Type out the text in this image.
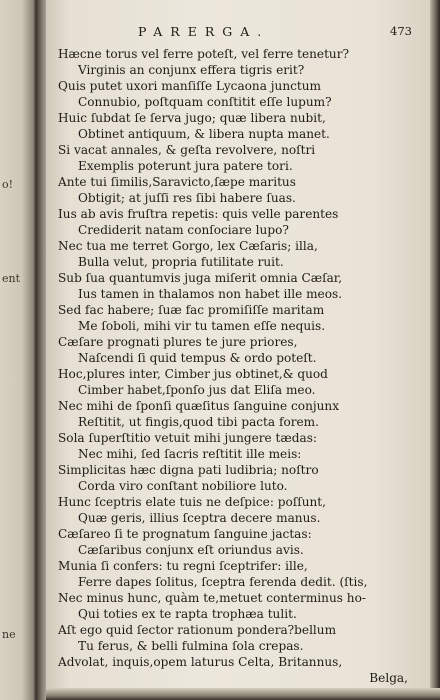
o!
ent
ne
PARERGA.	473
Hæcne torus vel ferre poteſt, vel ferre tenetur?
Virginis an conjunx efferа tigris erit?
Quis putet uxori manſiſſe Lycaona junctum
Connubio, poſtquam conſtitit eſſe lupum?
Huic ſubdat ſe ſerva jugo; quæ libera nubit,
Obtinet antiquum, & libera nupta manet.
Si vacat annales, & geſta revolvere, noſtri
Exemplis poterunt jura patere tori.
Ante tui ſimilis,Saravicto,ſæpe maritus
Obtigit; at juſſi res ſibi habere ſuas.
Ius ab avis fruſtra repetis: quis velle parentes
Crediderit natam conſociare lupo?
Nec tua me terret Gorgo, lex Cæſaris; illa,
Bulla velut, propria futilitate ruit.
Sub ſua quantumvis juga miſerit omnia Cæſar,
Ius tamen in thalamos non habet ille meos.
Sed fac habere; ſuæ fac promiſiſſe maritam
Me ſoboli, mihi vir tu tamen eſſe nequis.
Cæſare prognati plures te jure priores,
Naſcendi ſi quid tempus & ordo poteſt.
Hoc,plures inter, Cimber jus obtinet,& quod
Cimber habet,ſponſo jus dat Eliſa meo.
Nec mihi de ſponſi quæſitus ſanguine conjunx
Reſtitit, ut fingis,quod tibi pacta forem.
Sola ſuperſtitio vetuit mihi jungere tædas:
Nec mihi, ſed ſacris reſtitit ille meis:
Simplicitas hæc digna pati ludibria; noſtro
Corda viro conſtant nobiliore luto.
Hunc ſceptris elate tuis ne deſpice: poſſunt,
Quæ geris, illius ſceptra decere manus.
Cæſareo ſi te prognatum ſanguine jactas:
Cæſaribus conjunx eſt oriundus avis.
Munia ſi confers: tu regni ſceptrifer: ille,
Ferre dapes ſolitus, ſceptra ferenda dedit. (ſtis,
Nec minus hunc, quàm te,metuet conterminus ho-
Qui toties ex te rapta trophæa tulit.
Aſt ego quid ſector rationum pondera?bellum
Tu ferus, & belli fulmina ſola crepas.
Advolat, inquis,opem laturus Celta, Britannus,
Belga,
